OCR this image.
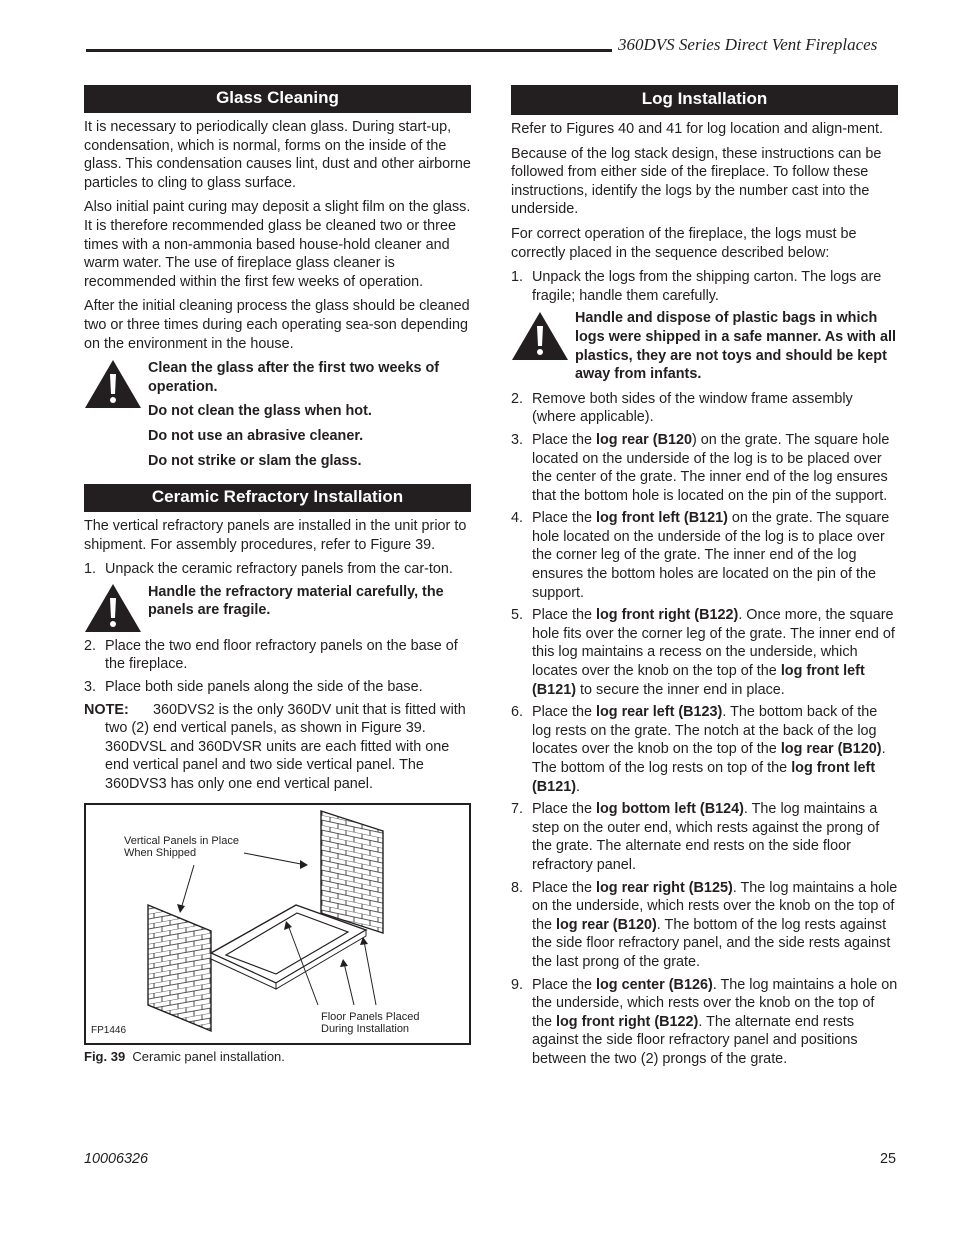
360DVS Series Direct Vent Fireplaces
Glass Cleaning

It is necessary to periodically clean glass. During start-up, condensation, which is normal, forms on the inside of the glass. This condensation causes lint, dust and other airborne particles to cling to glass surface.

Also initial paint curing may deposit a slight film on the glass. It is therefore recommended glass be cleaned two or three times with a non-ammonia based house-hold cleaner and warm water. The use of fireplace glass cleaner is recommended within the first few weeks of operation.

After the initial cleaning process the glass should be cleaned two or three times during each operating sea-son depending on the environment in the house.

Clean the glass after the first two weeks of operation.

Do not clean the glass when hot.

Do not use an abrasive cleaner.

Do not strike or slam the glass.

Ceramic Refractory Installation

The vertical refractory panels are installed in the unit prior to shipment. For assembly procedures, refer to Figure 39.

1. Unpack the ceramic refractory panels from the car-ton.

Handle the refractory material carefully, the panels are fragile.

2. Place the two end floor refractory panels on the base of the fireplace.
3. Place both side panels along the side of the base.
NOTE:	360DVS2 is the only 360DV unit that is fitted with two (2) end vertical panels, as shown in Figure 39. 360DVSL and 360DVSR units are each fitted with one end vertical panel and two side vertical panel. The 360DVS3 has only one end vertical panel.
Vertical Panels in Place When Shipped
Floor Panels Placed During Installation
FP1446
Fig. 39 Ceramic panel installation.
Log Installation

Refer to Figures 40 and 41 for log location and align-ment.

Because of the log stack design, these instructions can be followed from either side of the fireplace. To follow these instructions, identify the logs by the number cast into the underside.

For correct operation of the fireplace, the logs must be correctly placed in the sequence described below:

1. Unpack the logs from the shipping carton. The logs are fragile; handle them carefully.

Handle and dispose of plastic bags in which logs were shipped in a safe manner. As with all plastics, they are not toys and should be kept away from infants.

2. Remove both sides of the window frame assembly (where applicable).
3. Place the log rear (B120) on the grate. The square hole located on the underside of the log is to be placed over the center of the grate. The inner end of the log ensures that the bottom hole is located on the pin of the support.
4. Place the log front left (B121) on the grate. The square hole located on the underside of the log is to place over the corner leg of the grate. The inner end of the log ensures the bottom holes are located on the pin of the support.
5. Place the log front right (B122). Once more, the square hole fits over the corner leg of the grate. The inner end of this log maintains a recess on the underside, which locates over the knob on the top of the log front left (B121) to secure the inner end in place.
6. Place the log rear left (B123). The bottom back of the log rests on the grate. The notch at the back of the log locates over the knob on the top of the log rear (B120). The bottom of the log rests on top of the log front left (B121).
7. Place the log bottom left (B124). The log maintains a step on the outer end, which rests against the prong of the grate. The alternate end rests on the side floor refractory panel.
8. Place the log rear right (B125). The log maintains a hole on the underside, which rests over the knob on the top of the log rear (B120). The bottom of the log rests against the side floor refractory panel, and the side rests against the last prong of the grate.
9. Place the log center (B126). The log maintains a hole on the underside, which rests over the knob on the top of the log front right (B122). The alternate end rests against the side floor refractory panel and positions between the two (2) prongs of the grate.
10006326	25
